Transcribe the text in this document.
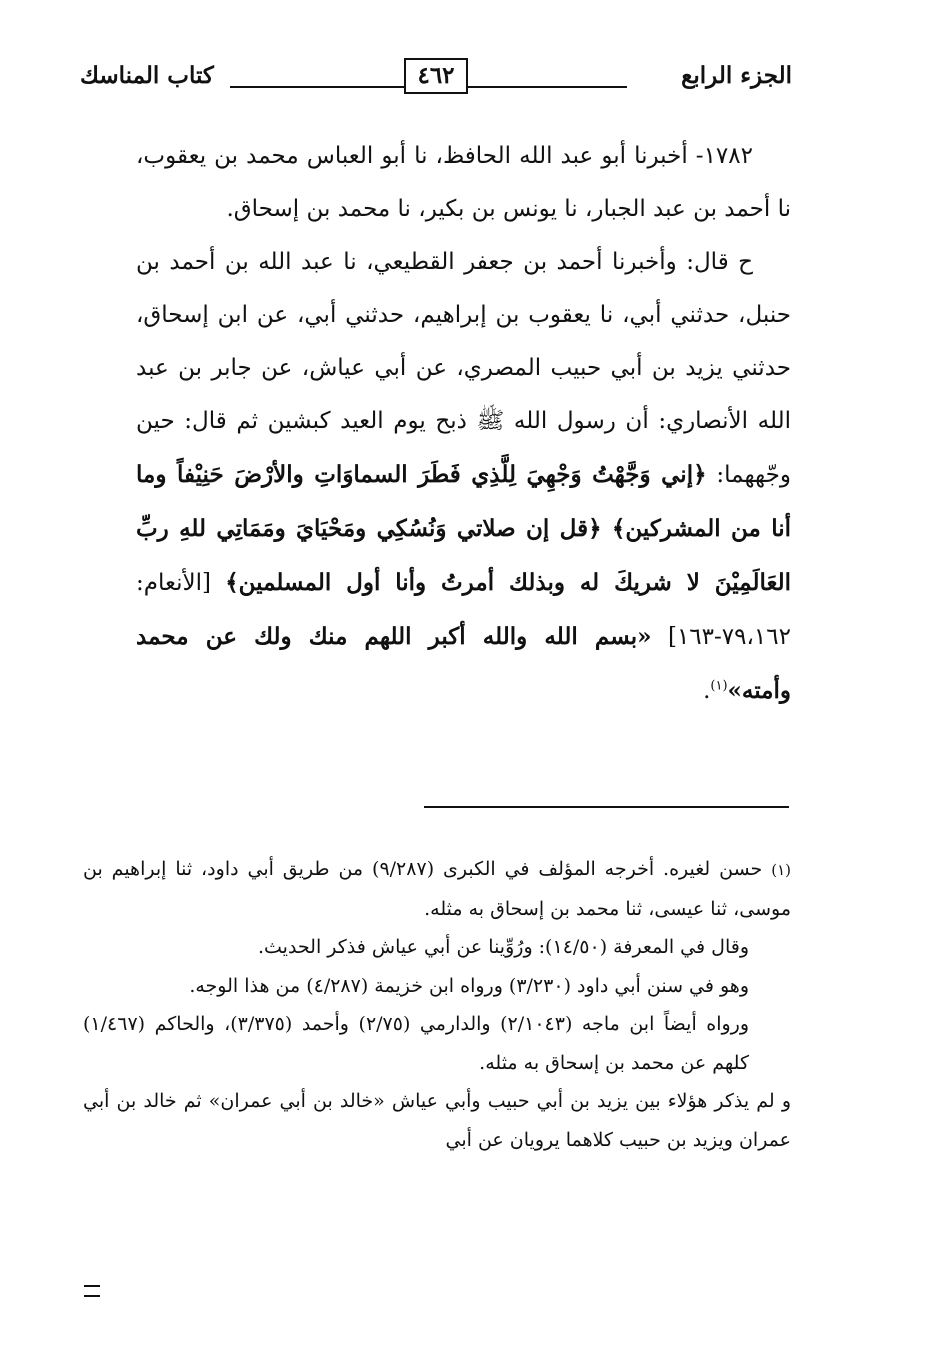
الجزء الرابع
٤٦٢
كتاب المناسك

١٧٨٢- أخبرنا أبو عبد الله الحافظ، نا أبو العباس محمد بن يعقوب، نا أحمد بن عبد الجبار، نا يونس بن بكير، نا محمد بن إسحاق.

ح قال: وأخبرنا أحمد بن جعفر القطيعي، نا عبد الله بن أحمد بن حنبل، حدثني أبي، نا يعقوب بن إبراهيم، حدثني أبي، عن ابن إسحاق، حدثني يزيد بن أبي حبيب المصري، عن أبي عياش، عن جابر بن عبد الله الأنصاري: أن رسول الله ﷺ ذبح يوم العيد كبشين ثم قال: حين وجّههما: ﴿إني وَجَّهْتُ وَجْهِيَ لِلَّذِي فَطَرَ السماوَاتِ والأرْضَ حَنِيْفاً وما أنا من المشركين﴾ ﴿قل إن صلاتي وَنُسُكِي ومَحْيَايَ ومَمَاتِي للهِ ربِّ العَالَمِيْنَ لا شريكَ له وبذلك أمرتُ وأنا أول المسلمين﴾ [الأنعام: ٧٩،١٦٢-١٦٣] «بسم الله والله أكبر اللهم منك ولك عن محمد وأمته»$^{(١)}$.

(١) حسن لغيره. أخرجه المؤلف في الكبرى (٩/٢٨٧) من طريق أبي داود، ثنا إبراهيم بن موسى، ثنا عيسى، ثنا محمد بن إسحاق به مثله.

وقال في المعرفة (١٤/٥٠): ورُوِّينا عن أبي عياش فذكر الحديث.

وهو في سنن أبي داود (٣/٢٣٠) ورواه ابن خزيمة (٤/٢٨٧) من هذا الوجه.

ورواه أيضاً ابن ماجه (٢/١٠٤٣) والدارمي (٢/٧٥) وأحمد (٣/٣٧٥)، والحاكم (١/٤٦٧) كلهم عن محمد بن إسحاق به مثله.

و لم يذكر هؤلاء بين يزيد بن أبي حبيب وأبي عياش «خالد بن أبي عمران» ثم خالد بن أبي عمران ويزيد بن حبيب كلاهما يرويان عن أبي
